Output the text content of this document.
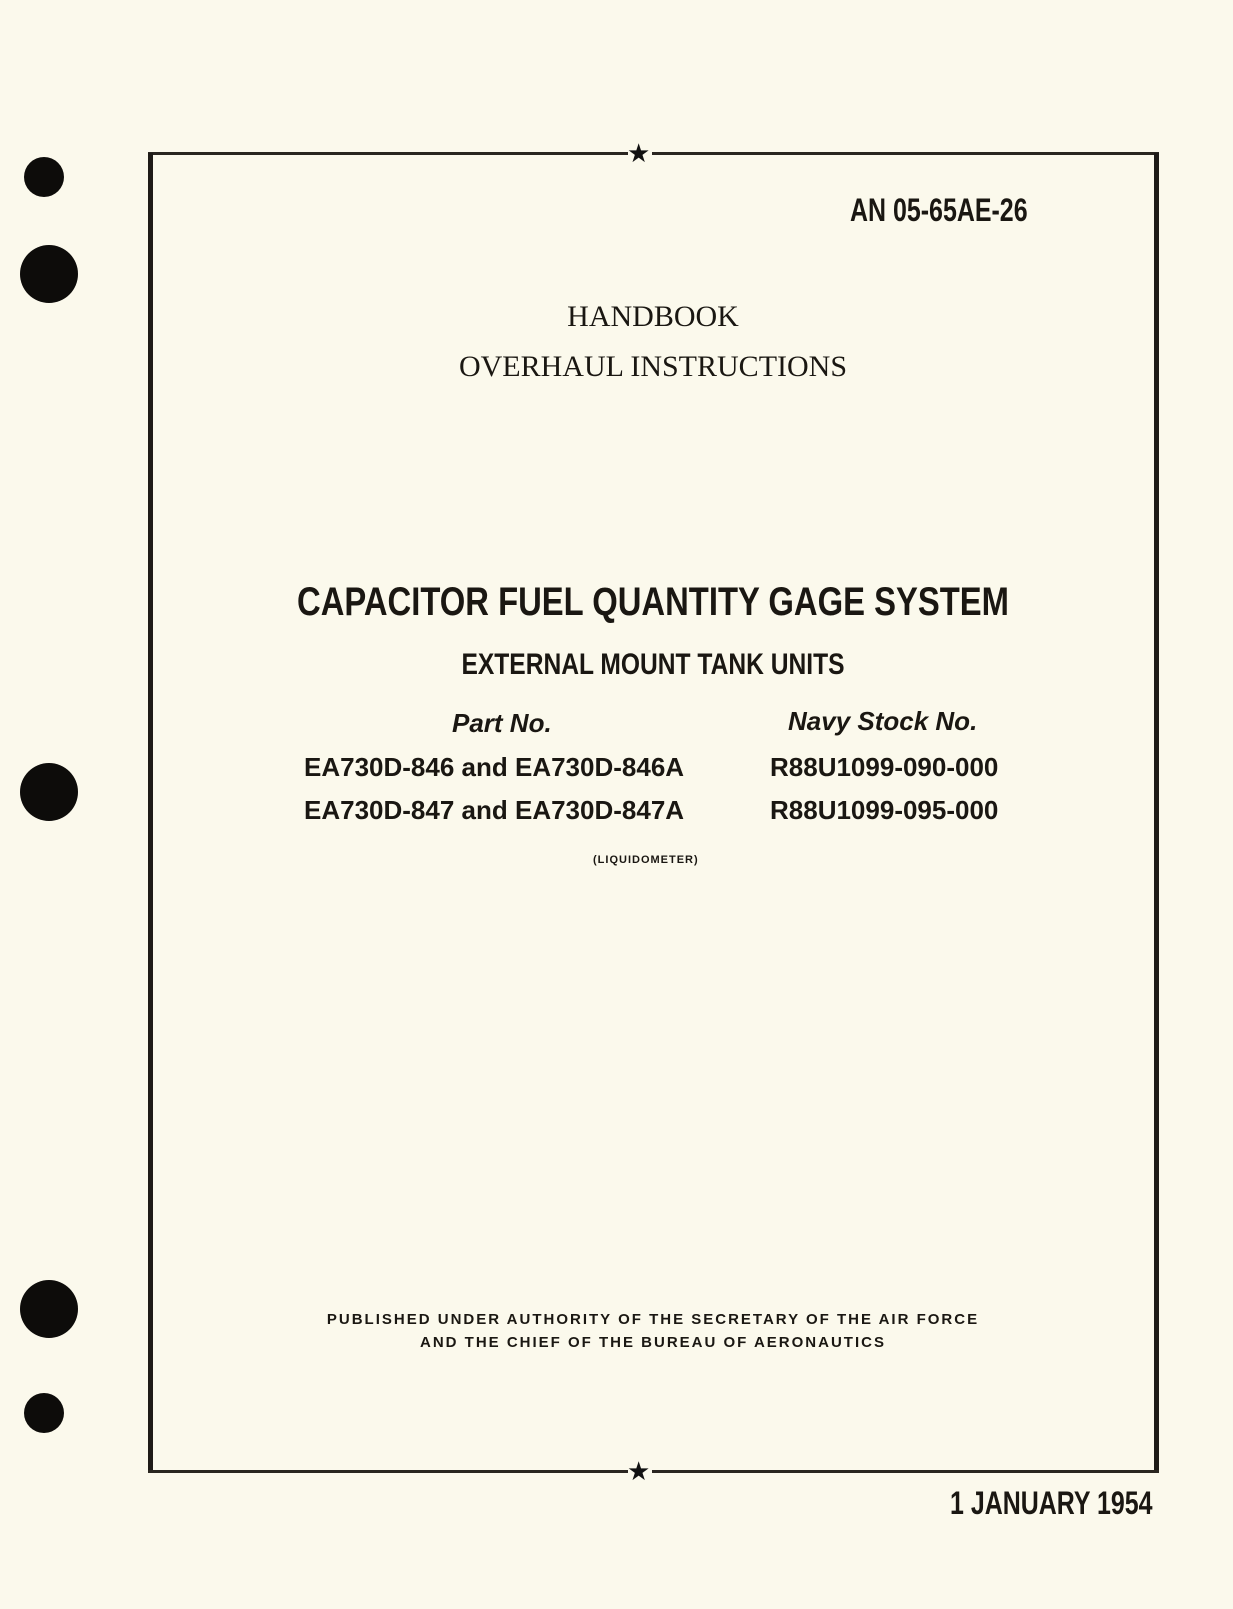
★
★
AN 05-65AE-26
HANDBOOK
OVERHAUL INSTRUCTIONS
CAPACITOR FUEL QUANTITY GAGE SYSTEM
EXTERNAL MOUNT TANK UNITS
Part No.	Navy Stock No.
EA730D-846 and EA730D-846A	R88U1099-090-000
EA730D-847 and EA730D-847A	R88U1099-095-000
(LIQUIDOMETER)
PUBLISHED UNDER AUTHORITY OF THE SECRETARY OF THE AIR FORCE
AND THE CHIEF OF THE BUREAU OF AERONAUTICS
1 JANUARY 1954
